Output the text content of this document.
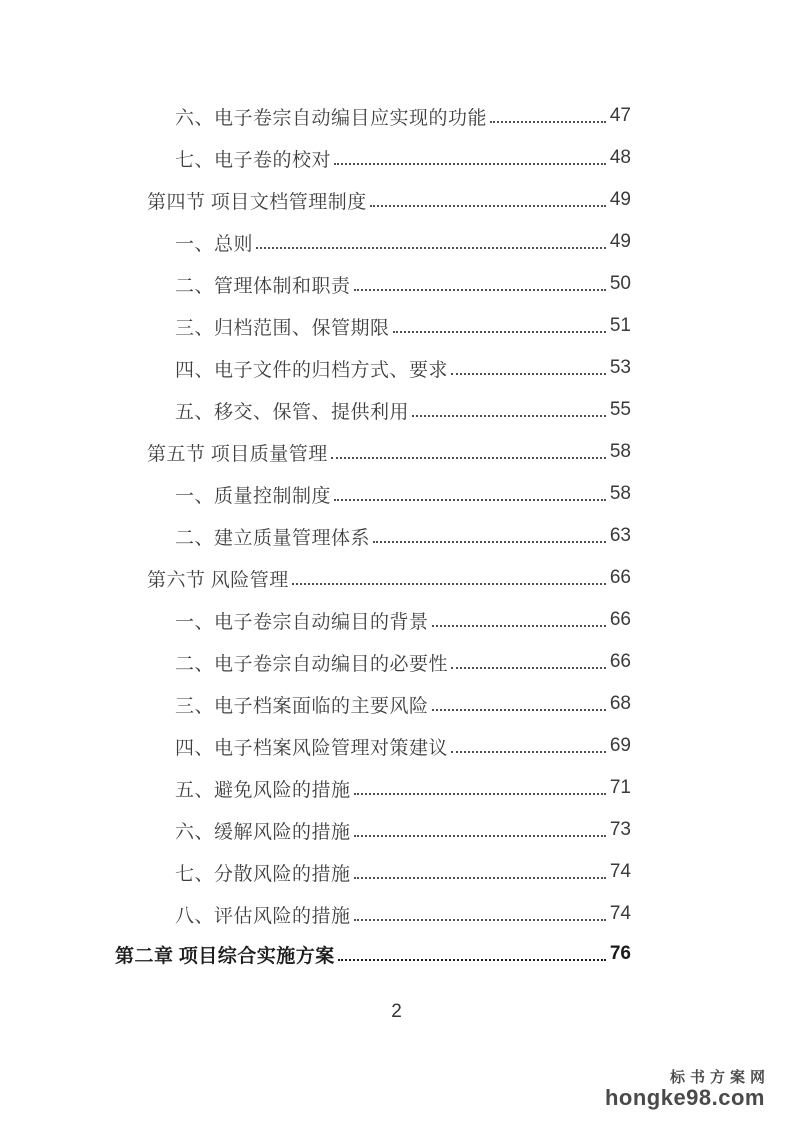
六、电子卷宗自动编目应实现的功能	47
七、电子卷的校对	48
第四节 项目文档管理制度	49
一、总则	49
二、管理体制和职责	50
三、归档范围、保管期限	51
四、电子文件的归档方式、要求	53
五、移交、保管、提供利用	55
第五节 项目质量管理	58
一、质量控制制度	58
二、建立质量管理体系	63
第六节 风险管理	66
一、电子卷宗自动编目的背景	66
二、电子卷宗自动编目的必要性	66
三、电子档案面临的主要风险	68
四、电子档案风险管理对策建议	69
五、避免风险的措施	71
六、缓解风险的措施	73
七、分散风险的措施	74
八、评估风险的措施	74
第二章 项目综合实施方案	76
2
标书方案网
hongke98.com
